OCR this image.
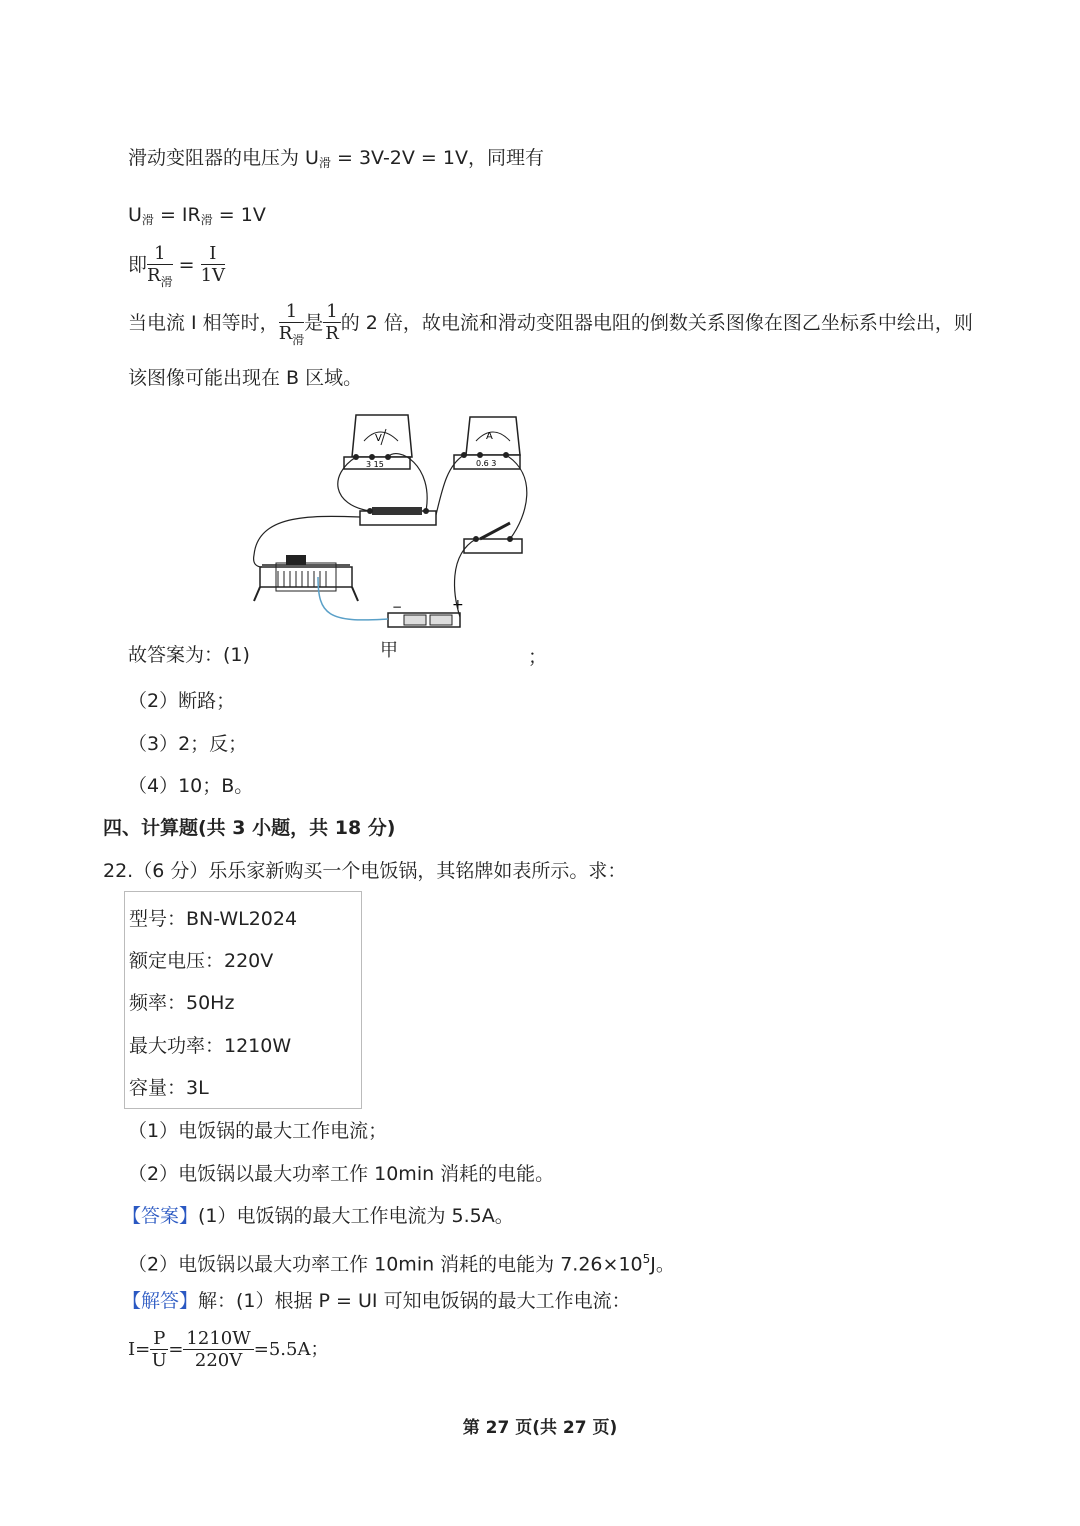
滑动变阻器的电压为 U滑 = 3V-2V = 1V，同理有
U滑 = IR滑 = 1V
即 $\frac{1}{R_滑} = \frac{I}{1V}$
当电流 I 相等时， $\frac{1}{R_滑}$ 是 $\frac{1}{R}$ 的 2 倍，故电流和滑动变阻器电阻的倒数关系图像在图乙坐标系中绘出，则
该图像可能出现在 B 区域。
V
3 15
A
0.6 3
−	+
故答案为：(1)	甲	；
（2）断路；
（3）2；反；
（4）10；B。
四、计算题(共 3 小题，共 18 分)
22.（6 分）乐乐家新购买一个电饭锅，其铭牌如表所示。求：
型号：BN-WL2024
额定电压：220V
频率：50Hz
最大功率：1210W
容量：3L
（1）电饭锅的最大工作电流；
（2）电饭锅以最大功率工作 10min 消耗的电能。
【答案】(1）电饭锅的最大工作电流为 5.5A。
（2）电饭锅以最大功率工作 10min 消耗的电能为 $7.26\times 10^5J$。
【解答】解：(1）根据 P = UI 可知电饭锅的最大工作电流：
$I= \frac{P}{U} = \frac{1210W}{220V} =5.5A$；
第 27 页(共 27 页)
